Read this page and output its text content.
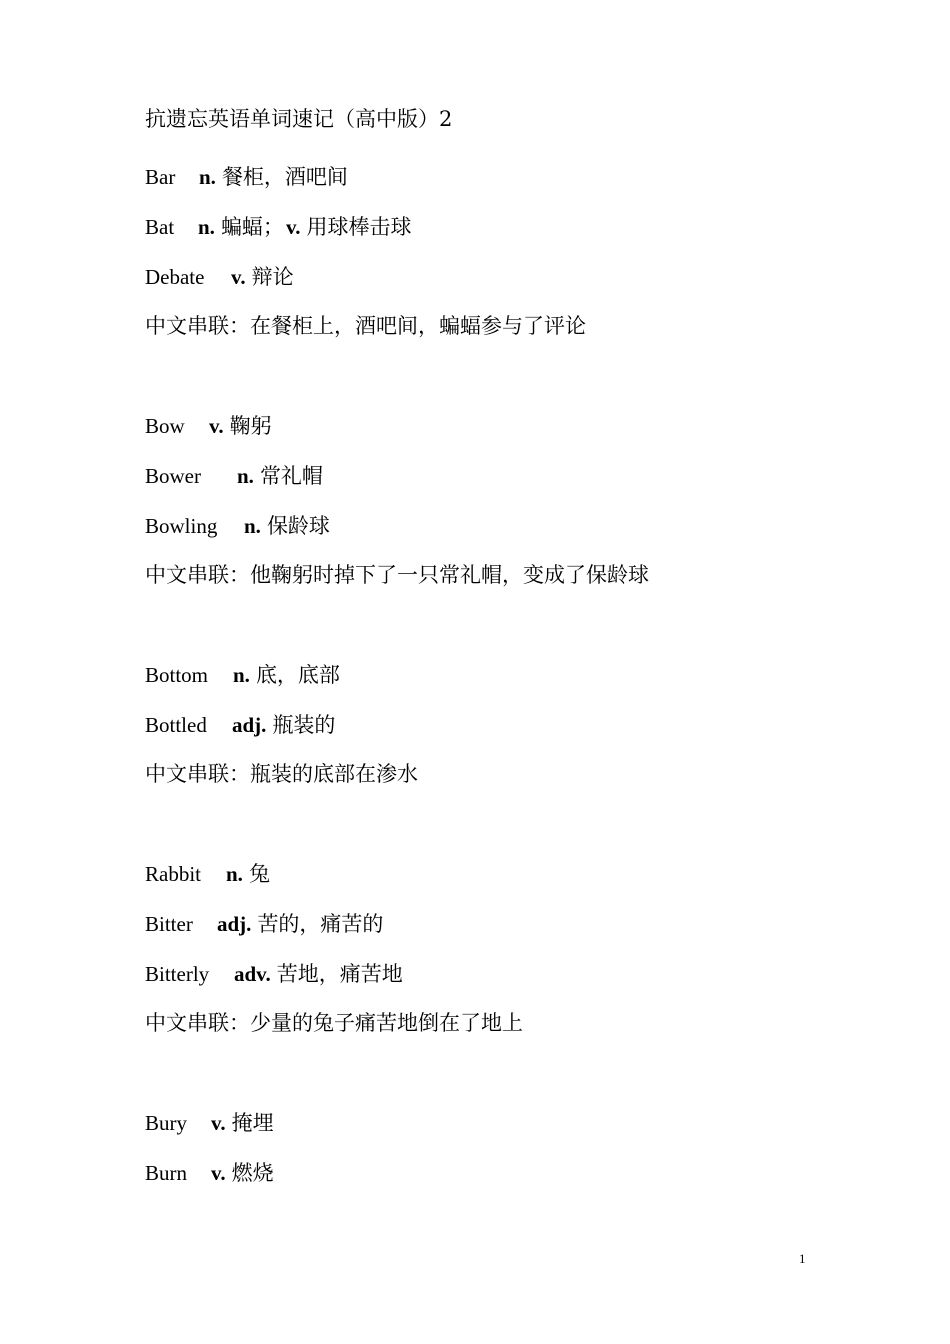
抗遗忘英语单词速记（高中版）2
Bar n. 餐柜，酒吧间
Bat n. 蝙蝠；v. 用球棒击球
Debate v. 辩论
中文串联：在餐柜上，酒吧间，蝙蝠参与了评论
Bow v. 鞠躬
Bower n. 常礼帽
Bowling n. 保龄球
中文串联：他鞠躬时掉下了一只常礼帽，变成了保龄球
Bottom n. 底，底部
Bottled adj. 瓶装的
中文串联：瓶装的底部在渗水
Rabbit n. 兔
Bitter adj. 苦的，痛苦的
Bitterly adv. 苦地，痛苦地
中文串联：少量的兔子痛苦地倒在了地上
Bury v. 掩埋
Burn v. 燃烧
1
